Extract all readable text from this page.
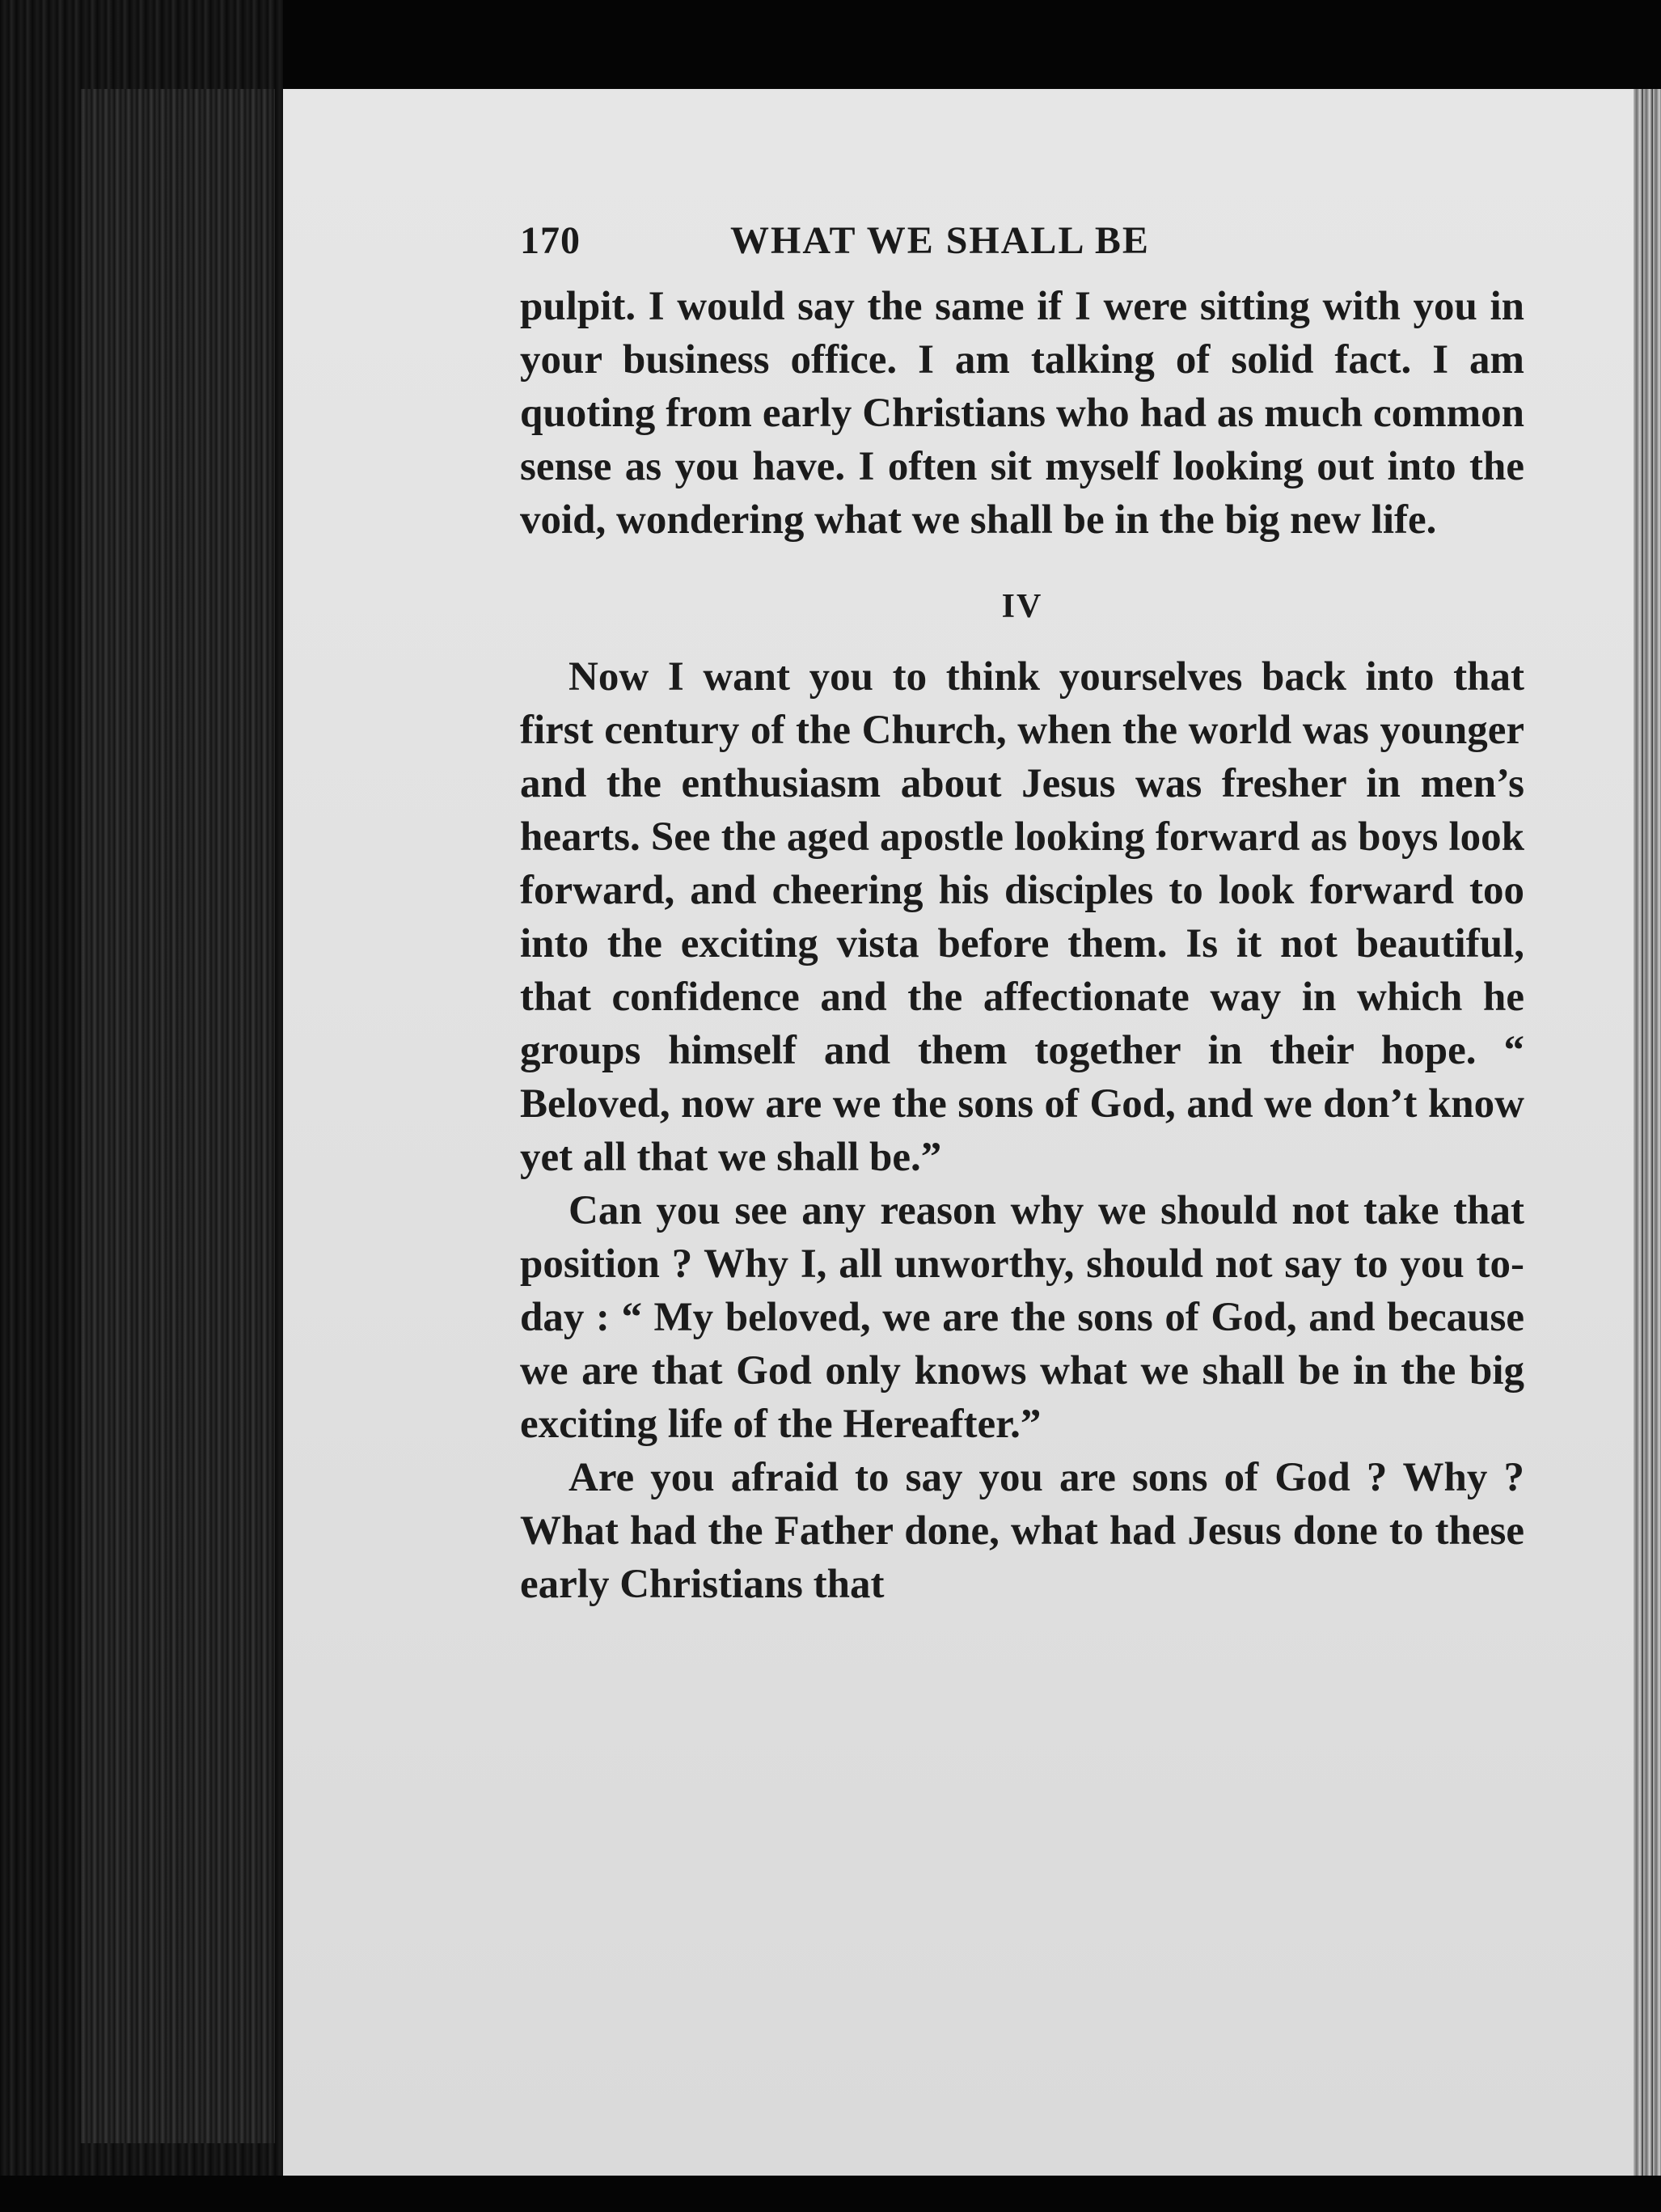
170	WHAT WE SHALL BE

pulpit. I would say the same if I were sitting with you in your business office. I am talking of solid fact. I am quoting from early Christians who had as much common sense as you have. I often sit myself looking out into the void, wondering what we shall be in the big new life.

IV

Now I want you to think yourselves back into that first century of the Church, when the world was younger and the enthusiasm about Jesus was fresher in men’s hearts. See the aged apostle looking forward as boys look forward, and cheering his disciples to look forward too into the exciting vista before them. Is it not beautiful, that confidence and the affectionate way in which he groups himself and them together in their hope. “ Beloved, now are we the sons of God, and we don’t know yet all that we shall be.”

Can you see any reason why we should not take that position ? Why I, all unworthy, should not say to you to-day : “ My beloved, we are the sons of God, and because we are that God only knows what we shall be in the big exciting life of the Hereafter.”

Are you afraid to say you are sons of God ? Why ? What had the Father done, what had Jesus done to these early Christians that
